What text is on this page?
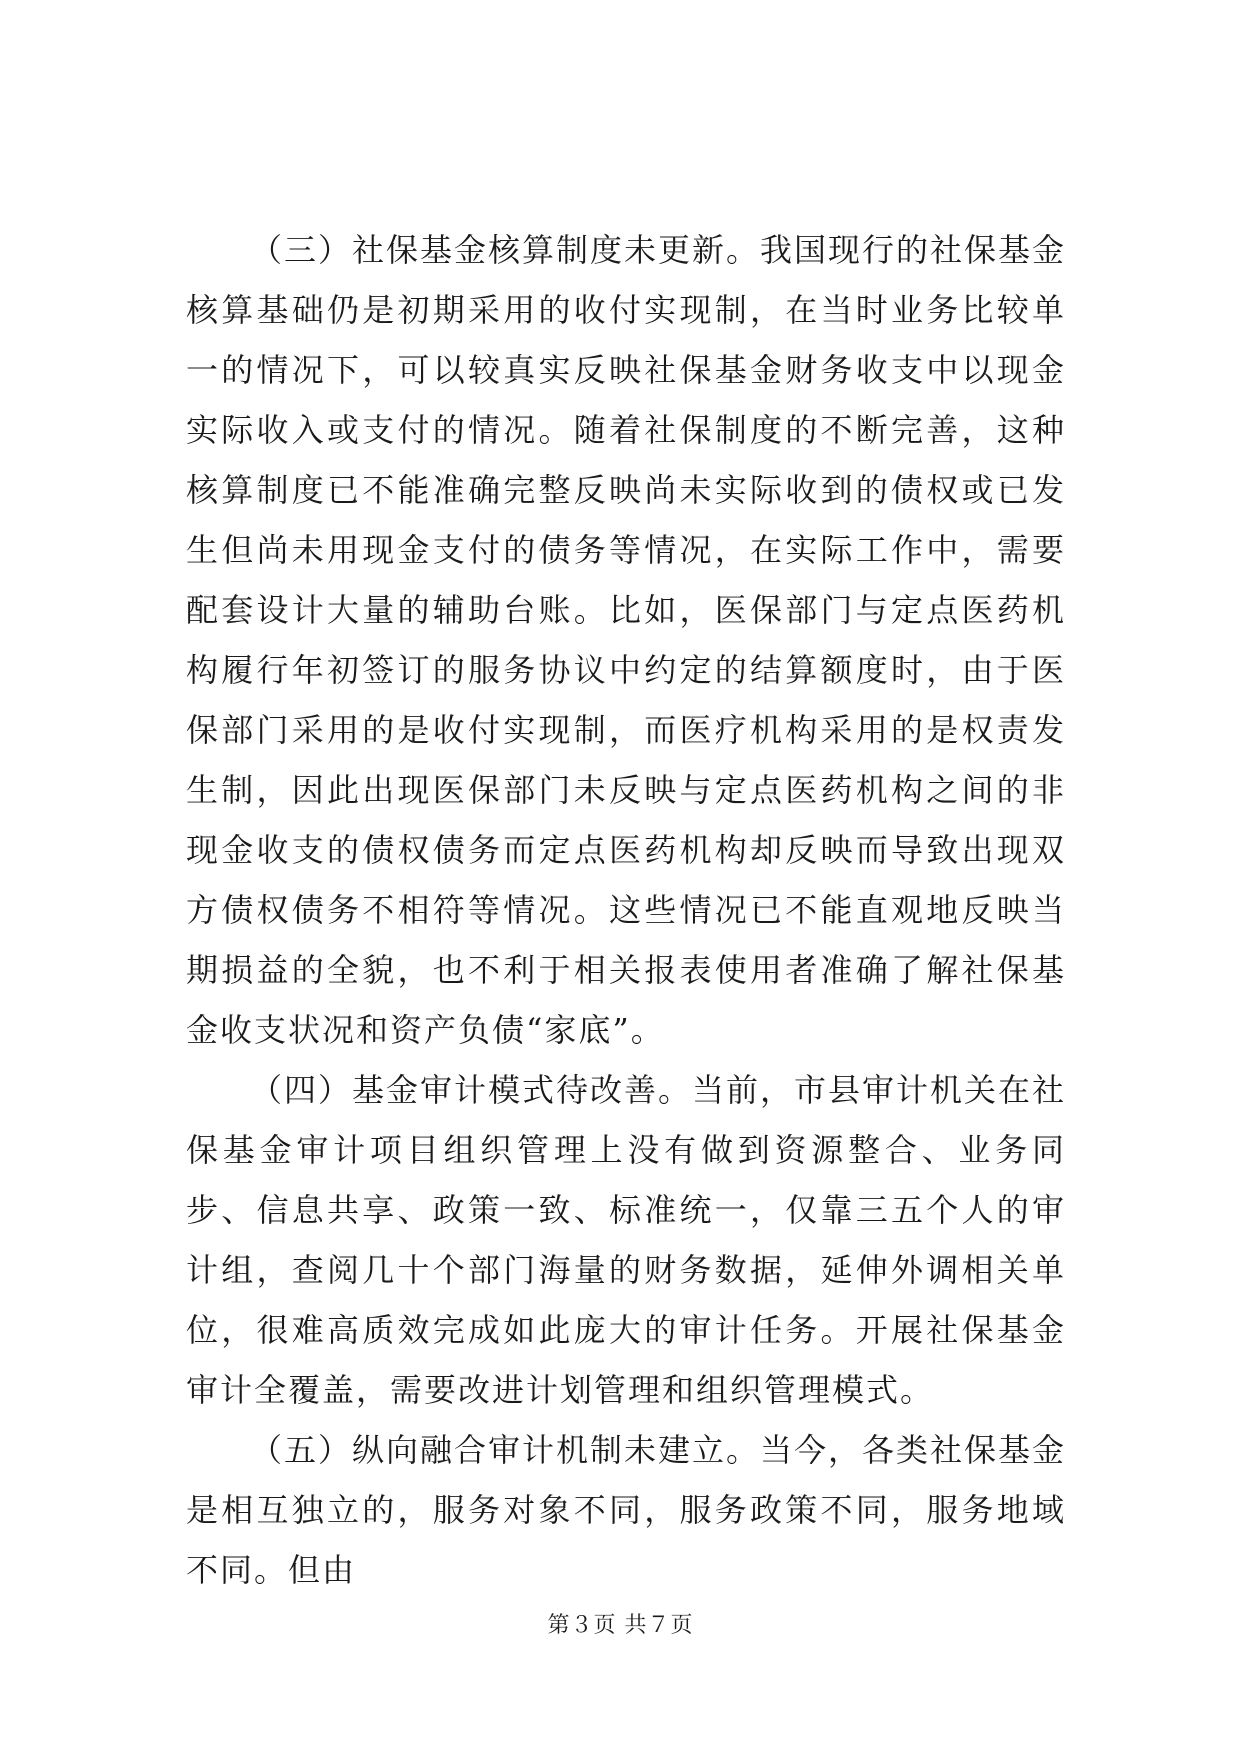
（三）社保基金核算制度未更新。我国现行的社保基金核算基础仍是初期采用的收付实现制，在当时业务比较单一的情况下，可以较真实反映社保基金财务收支中以现金实际收入或支付的情况。随着社保制度的不断完善，这种核算制度已不能准确完整反映尚未实际收到的债权或已发生但尚未用现金支付的债务等情况，在实际工作中，需要配套设计大量的辅助台账。比如，医保部门与定点医药机构履行年初签订的服务协议中约定的结算额度时，由于医保部门采用的是收付实现制，而医疗机构采用的是权责发生制，因此出现医保部门未反映与定点医药机构之间的非现金收支的债权债务而定点医药机构却反映而导致出现双方债权债务不相符等情况。这些情况已不能直观地反映当期损益的全貌，也不利于相关报表使用者准确了解社保基金收支状况和资产负债“家底”。

（四）基金审计模式待改善。当前，市县审计机关在社保基金审计项目组织管理上没有做到资源整合、业务同步、信息共享、政策一致、标准统一，仅靠三五个人的审计组，查阅几十个部门海量的财务数据，延伸外调相关单位，很难高质效完成如此庞大的审计任务。开展社保基金审计全覆盖，需要改进计划管理和组织管理模式。

（五）纵向融合审计机制未建立。当今，各类社保基金是相互独立的，服务对象不同，服务政策不同，服务地域不同。但由

第３页 共７页
